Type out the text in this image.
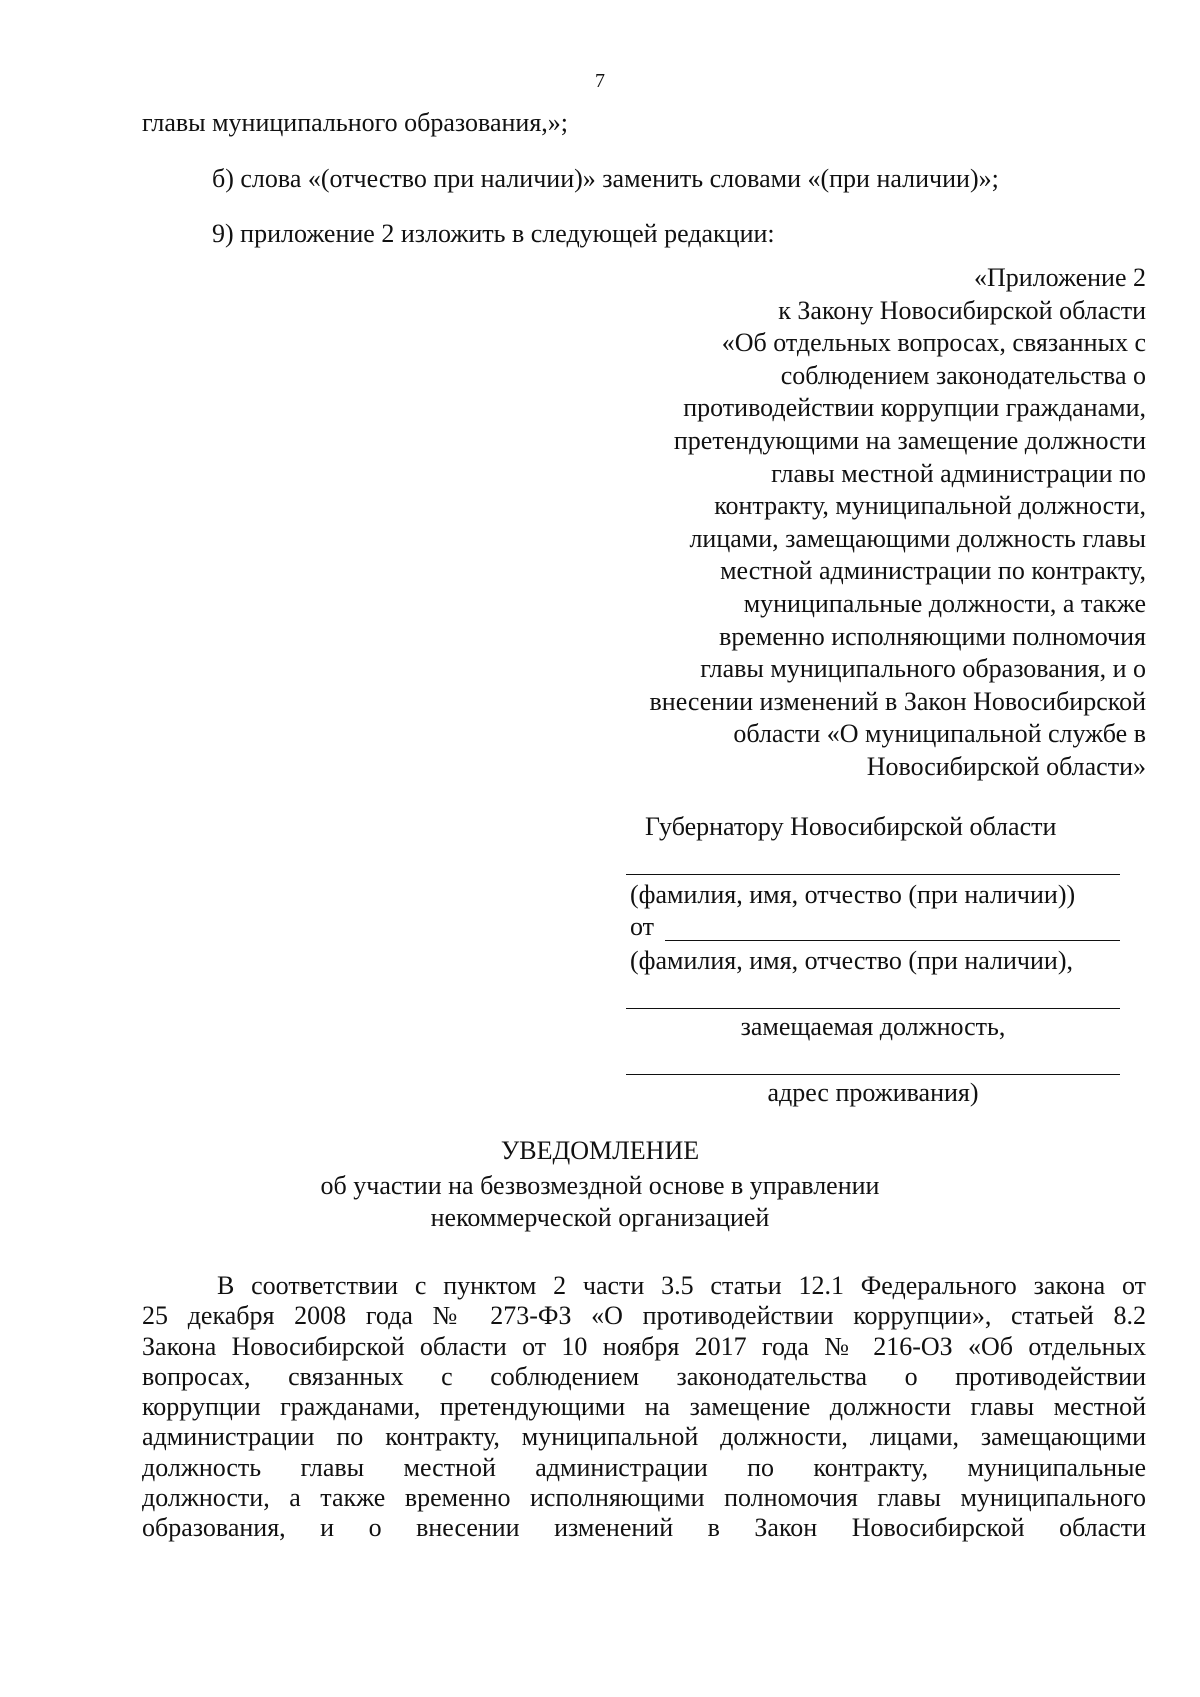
7
главы муниципального образования,»;
б) слова «(отчество при наличии)» заменить словами «(при наличии)»;
9) приложение 2 изложить в следующей редакции:
«Приложение 2
к Закону Новосибирской области
«Об отдельных вопросах, связанных с
соблюдением законодательства о
противодействии коррупции гражданами,
претендующими на замещение должности
главы местной администрации по
контракту, муниципальной должности,
лицами, замещающими должность главы
местной администрации по контракту,
муниципальные должности, а также
временно исполняющими полномочия
главы муниципального образования, и о
внесении изменений в Закон Новосибирской
области «О муниципальной службе в
Новосибирской области»
Губернатору Новосибирской области
(фамилия, имя, отчество (при наличии))
от
(фамилия, имя, отчество (при наличии),
замещаемая должность,
адрес проживания)
УВЕДОМЛЕНИЕ
об участии на безвозмездной основе в управлении
некоммерческой организацией
В соответствии с пунктом 2 части 3.5 статьи 12.1 Федерального закона от
25 декабря 2008 года № 273-ФЗ «О противодействии коррупции», статьей 8.2
Закона Новосибирской области от 10 ноября 2017 года № 216-ОЗ «Об отдельных
вопросах, связанных с соблюдением законодательства о противодействии
коррупции гражданами, претендующими на замещение должности главы местной
администрации по контракту, муниципальной должности, лицами, замещающими
должность главы местной администрации по контракту, муниципальные
должности, а также временно исполняющими полномочия главы муниципального
образования, и о внесении изменений в Закон Новосибирской области
